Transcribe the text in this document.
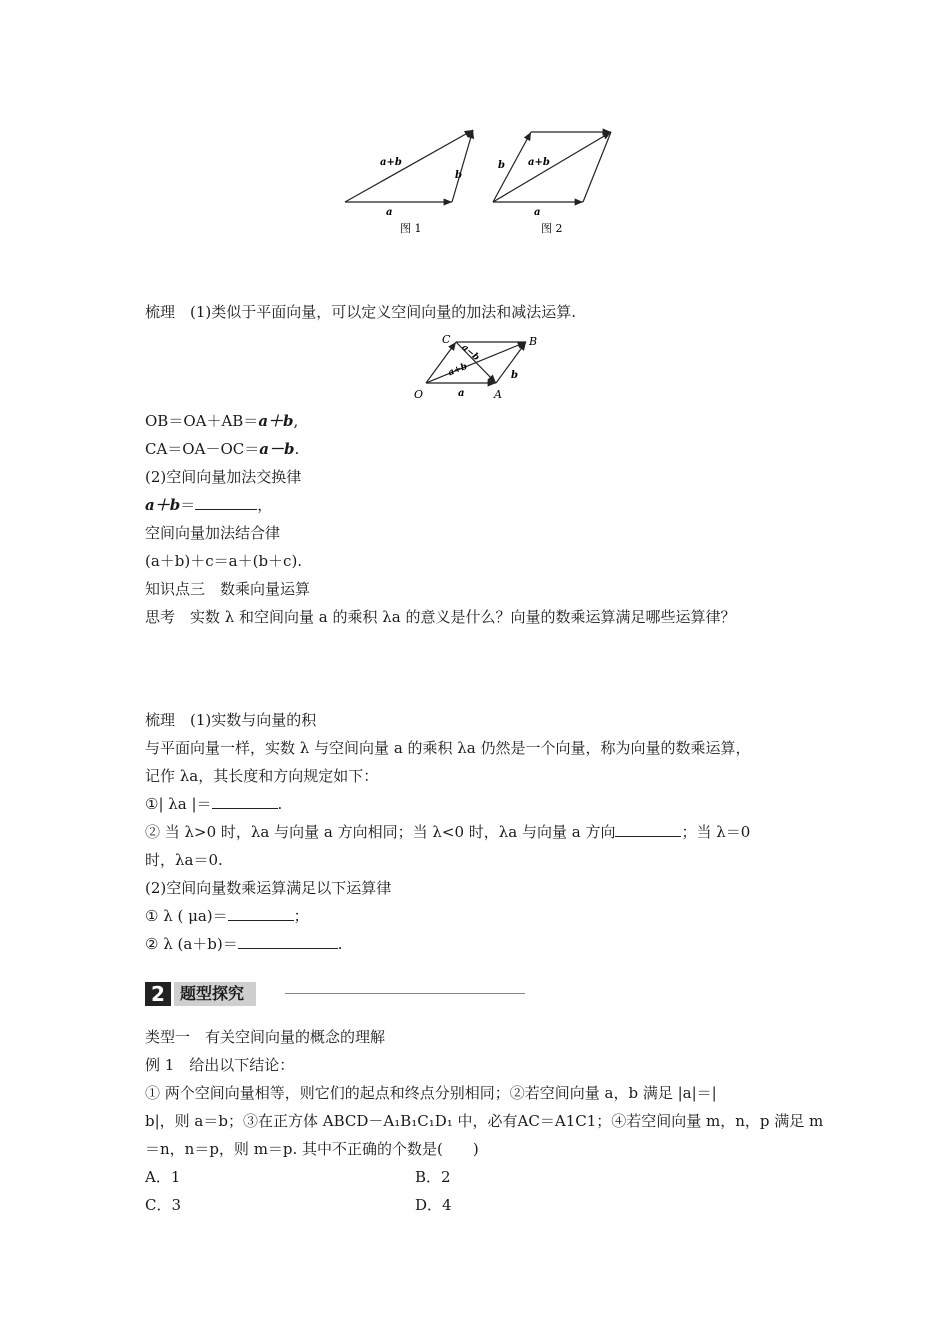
a+b
b
a
图 1
b a+b
a
图 2
梳理　(1)类似于平面向量，可以定义空间向量的加法和减法运算.
C	B
O	A
a−b
a+b
a
b
OB＝OA＋AB＝a＋b,
CA＝OA－OC＝a－b.
(2)空间向量加法交换律
a＋b＝	，
空间向量加法结合律
(a＋b)＋c＝a＋(b＋c).
知识点三　数乘向量运算
思考　实数 λ 和空间向量 a 的乘积 λa 的意义是什么？向量的数乘运算满足哪些运算律？
梳理　(1)实数与向量的积
与平面向量一样，实数 λ 与空间向量 a 的乘积 λa 仍然是一个向量，称为向量的数乘运算，
记作 λa，其长度和方向规定如下：
①| λa |＝	.
② 当 λ>0 时，λa 与向量 a 方向相同；当 λ<0 时，λa 与向量 a 方向	；当 λ＝0
时，λa＝0.
(2)空间向量数乘运算满足以下运算律
① λ ( μa)＝	；
② λ (a＋b)＝	.
2 题型探究
类型一　有关空间向量的概念的理解
例 1　给出以下结论：
① 两个空间向量相等，则它们的起点和终点分别相同；②若空间向量 a，b 满足 |a|＝|
b|，则 a＝b；③在正方体 ABCD－A₁B₁C₁D₁ 中，必有AC＝A1C1；④若空间向量 m，n，p 满足 m
＝n，n＝p，则 m＝p. 其中不正确的个数是(　　)
A．1	B．2
C．3	D．4
